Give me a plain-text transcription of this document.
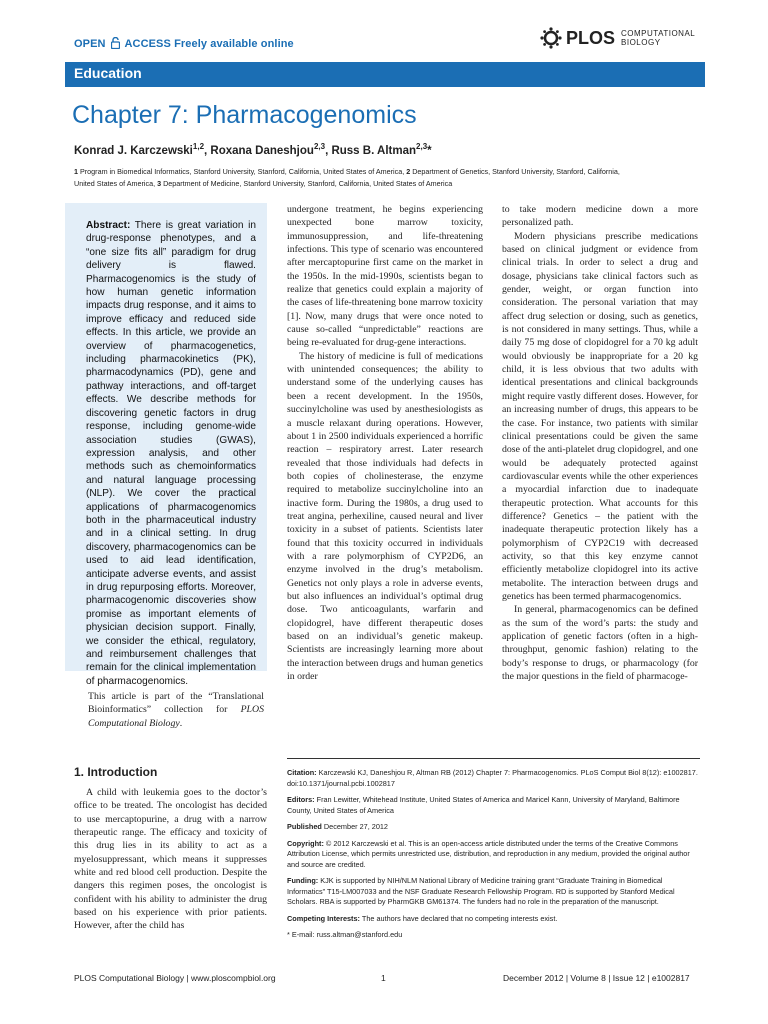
OPEN ACCESS Freely available online	PLOS COMPUTATIONAL
BIOLOGY
Education
Chapter 7: Pharmacogenomics
Konrad J. Karczewski$^{1,2}$, Roxana Daneshjou$^{2,3}$, Russ B. Altman$^{2,3}$*
1 Program in Biomedical Informatics, Stanford University, Stanford, California, United States of America, 2 Department of Genetics, Stanford University, Stanford, California,
United States of America, 3 Department of Medicine, Stanford University, Stanford, California, United States of America
Abstract: There is great variation in drug-response phenotypes, and a “one size fits all” paradigm for drug delivery is flawed. Pharmacogenomics is the study of how human genetic information impacts drug response, and it aims to improve efficacy and reduced side effects. In this article, we provide an overview of pharmacogenetics, including pharmacokinetics (PK), pharmacodynamics (PD), gene and pathway interactions, and off-target effects. We describe methods for discovering genetic factors in drug response, including genome-wide association studies (GWAS), expression analysis, and other methods such as chemoinformatics and natural language processing (NLP). We cover the practical applications of pharmacogenomics both in the pharmaceutical industry and in a clinical setting. In drug discovery, pharmacogenomics can be used to aid lead identification, anticipate adverse events, and assist in drug repurposing efforts. Moreover, pharmacogenomic discoveries show promise as important elements of physician decision support. Finally, we consider the ethical, regulatory, and reimbursement challenges that remain for the clinical implementation of pharmacogenomics.
This article is part of the “Translational Bioinformatics” collection for PLOS Computational Biology.
1. Introduction

A child with leukemia goes to the doctor’s office to be treated. The oncologist has decided to use mercaptopurine, a drug with a narrow therapeutic range. The efficacy and toxicity of this drug lies in its ability to act as a myelosuppressant, which means it suppresses white and red blood cell production. Despite the dangers this regimen poses, the oncologist is confident with his ability to administer the drug based on his experience with prior patients. However, after the child has

undergone treatment, he begins experiencing unexpected bone marrow toxicity, immunosuppression, and life-threatening infections. This type of scenario was encountered after mercaptopurine first came on the market in the 1950s. In the mid-1990s, scientists began to realize that genetics could explain a majority of the cases of life-threatening bone marrow toxicity [1]. Now, many drugs that were once noted to cause so-called “unpredictable” reactions are being re-evaluated for drug-gene interactions.

The history of medicine is full of medications with unintended consequences; the ability to understand some of the underlying causes has been a recent development. In the 1950s, succinylcholine was used by anesthesiologists as a muscle relaxant during operations. However, about 1 in 2500 individuals experienced a horrific reaction – respiratory arrest. Later research revealed that those individuals had defects in both copies of cholinesterase, the enzyme required to metabolize succinylcholine into an inactive form. During the 1980s, a drug used to treat angina, perhexiline, caused neural and liver toxicity in a subset of patients. Scientists later found that this toxicity occurred in individuals with a rare polymorphism of CYP2D6, an enzyme involved in the drug’s metabolism. Genetics not only plays a role in adverse events, but also influences an individual’s optimal drug dose. Two anticoagulants, warfarin and clopidogrel, have different therapeutic doses based on an individual’s genetic makeup. Scientists are increasingly learning more about the interaction between drugs and human genetics in order

to take modern medicine down a more personalized path.

Modern physicians prescribe medications based on clinical judgment or evidence from clinical trials. In order to select a drug and dosage, physicians take clinical factors such as gender, weight, or organ function into consideration. The personal variation that may affect drug selection or dosing, such as genetics, is not considered in many settings. Thus, while a daily 75 mg dose of clopidogrel for a 70 kg adult would obviously be inappropriate for a 20 kg child, it is less obvious that two adults with identical presentations and clinical backgrounds might require vastly different doses. However, for an increasing number of drugs, this appears to be the case. For instance, two patients with similar clinical presentations could be given the same dose of the anti-platelet drug clopidogrel, and one would be adequately protected against cardiovascular events while the other experiences a myocardial infarction due to inadequate therapeutic protection. What accounts for this difference? Genetics – the patient with the inadequate therapeutic protection likely has a polymorphism of CYP2C19 with decreased activity, so that this key enzyme cannot efficiently metabolize clopidogrel into its active metabolite. The interaction between drugs and genetics has been termed pharmacogenomics.

In general, pharmacogenomics can be defined as the sum of the word’s parts: the study and application of genetic factors (often in a high-throughput, genomic fashion) relating to the body’s response to drugs, or pharmacology (for the major questions in the field of pharmacoge-

Citation: Karczewski KJ, Daneshjou R, Altman RB (2012) Chapter 7: Pharmacogenomics. PLoS Comput Biol 8(12): e1002817. doi:10.1371/journal.pcbi.1002817

Editors: Fran Lewitter, Whitehead Institute, United States of America and Maricel Kann, University of Maryland, Baltimore County, United States of America

Published December 27, 2012

Copyright: © 2012 Karczewski et al. This is an open-access article distributed under the terms of the Creative Commons Attribution License, which permits unrestricted use, distribution, and reproduction in any medium, provided the original author and source are credited.

Funding: KJK is supported by NIH/NLM National Library of Medicine training grant “Graduate Training in Biomedical Informatics” T15-LM007033 and the NSF Graduate Research Fellowship Program. RD is supported by Stanford Medical Scholars. RBA is supported by PharmGKB GM61374. The funders had no role in the preparation of the manuscript.

Competing Interests: The authors have declared that no competing interests exist.

* E-mail: russ.altman@stanford.edu

PLOS Computational Biology | www.ploscompbiol.org	1	December 2012 | Volume 8 | Issue 12 | e1002817
